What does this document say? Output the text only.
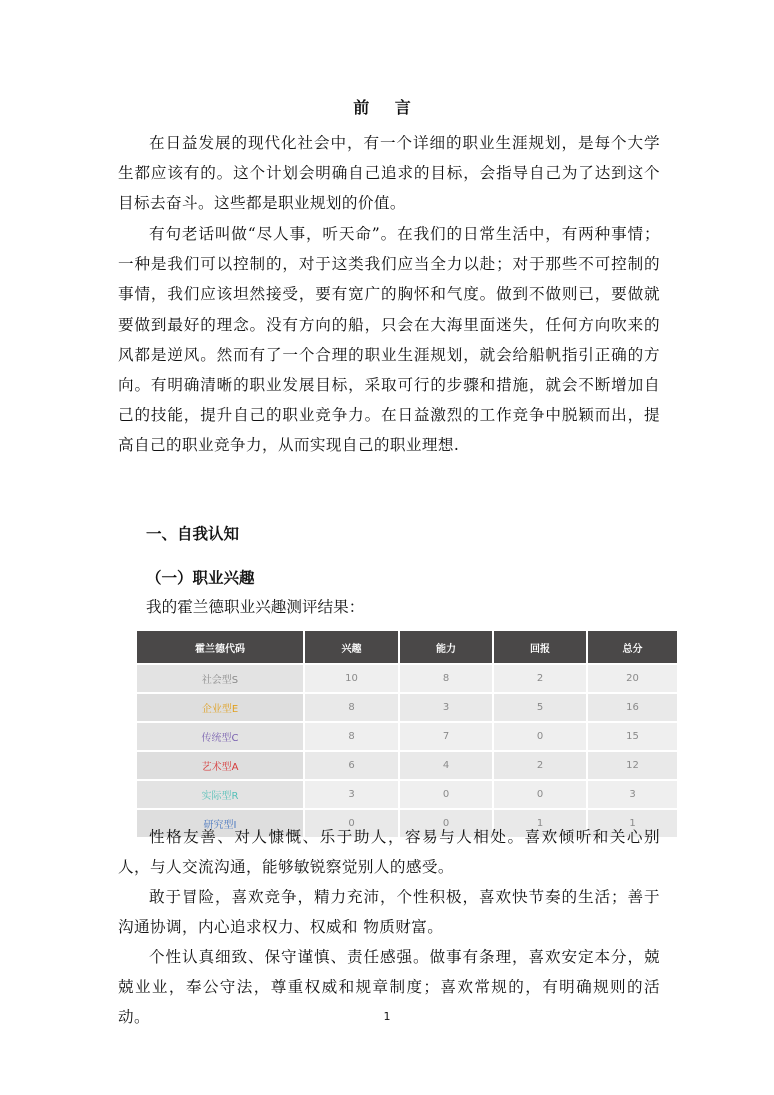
前 言

在日益发展的现代化社会中，有一个详细的职业生涯规划，是每个大学生都应该有的。这个计划会明确自己追求的目标，会指导自己为了达到这个目标去奋斗。这些都是职业规划的价值。

有句老话叫做“尽人事，听天命”。在我们的日常生活中，有两种事情；一种是我们可以控制的，对于这类我们应当全力以赴；对于那些不可控制的事情，我们应该坦然接受，要有宽广的胸怀和气度。做到不做则已，要做就要做到最好的理念。没有方向的船，只会在大海里面迷失，任何方向吹来的风都是逆风。然而有了一个合理的职业生涯规划，就会给船帆指引正确的方向。有明确清晰的职业发展目标，采取可行的步骤和措施，就会不断增加自己的技能，提升自己的职业竞争力。在日益激烈的工作竞争中脱颖而出，提高自己的职业竞争力，从而实现自己的职业理想.

一、自我认知
（一）职业兴趣
我的霍兰德职业兴趣测评结果：
霍兰德代码	兴趣	能力	回报	总分
社会型S	10	8	2	20
企业型E	8	3	5	16
传统型C	8	7	0	15
艺术型A	6	4	2	12
实际型R	3	0	0	3
研究型I	0	0	1	1

性格友善、对人慷慨、乐于助人，容易与人相处。喜欢倾听和关心别人，与人交流沟通，能够敏锐察觉别人的感受。

敢于冒险，喜欢竞争，精力充沛，个性积极，喜欢快节奏的生活；善于沟通协调，内心追求权力、权威和 物质财富。

个性认真细致、保守谨慎、责任感强。做事有条理，喜欢安定本分，兢兢业业，奉公守法，尊重权威和规章制度；喜欢常规的，有明确规则的活动。	1
